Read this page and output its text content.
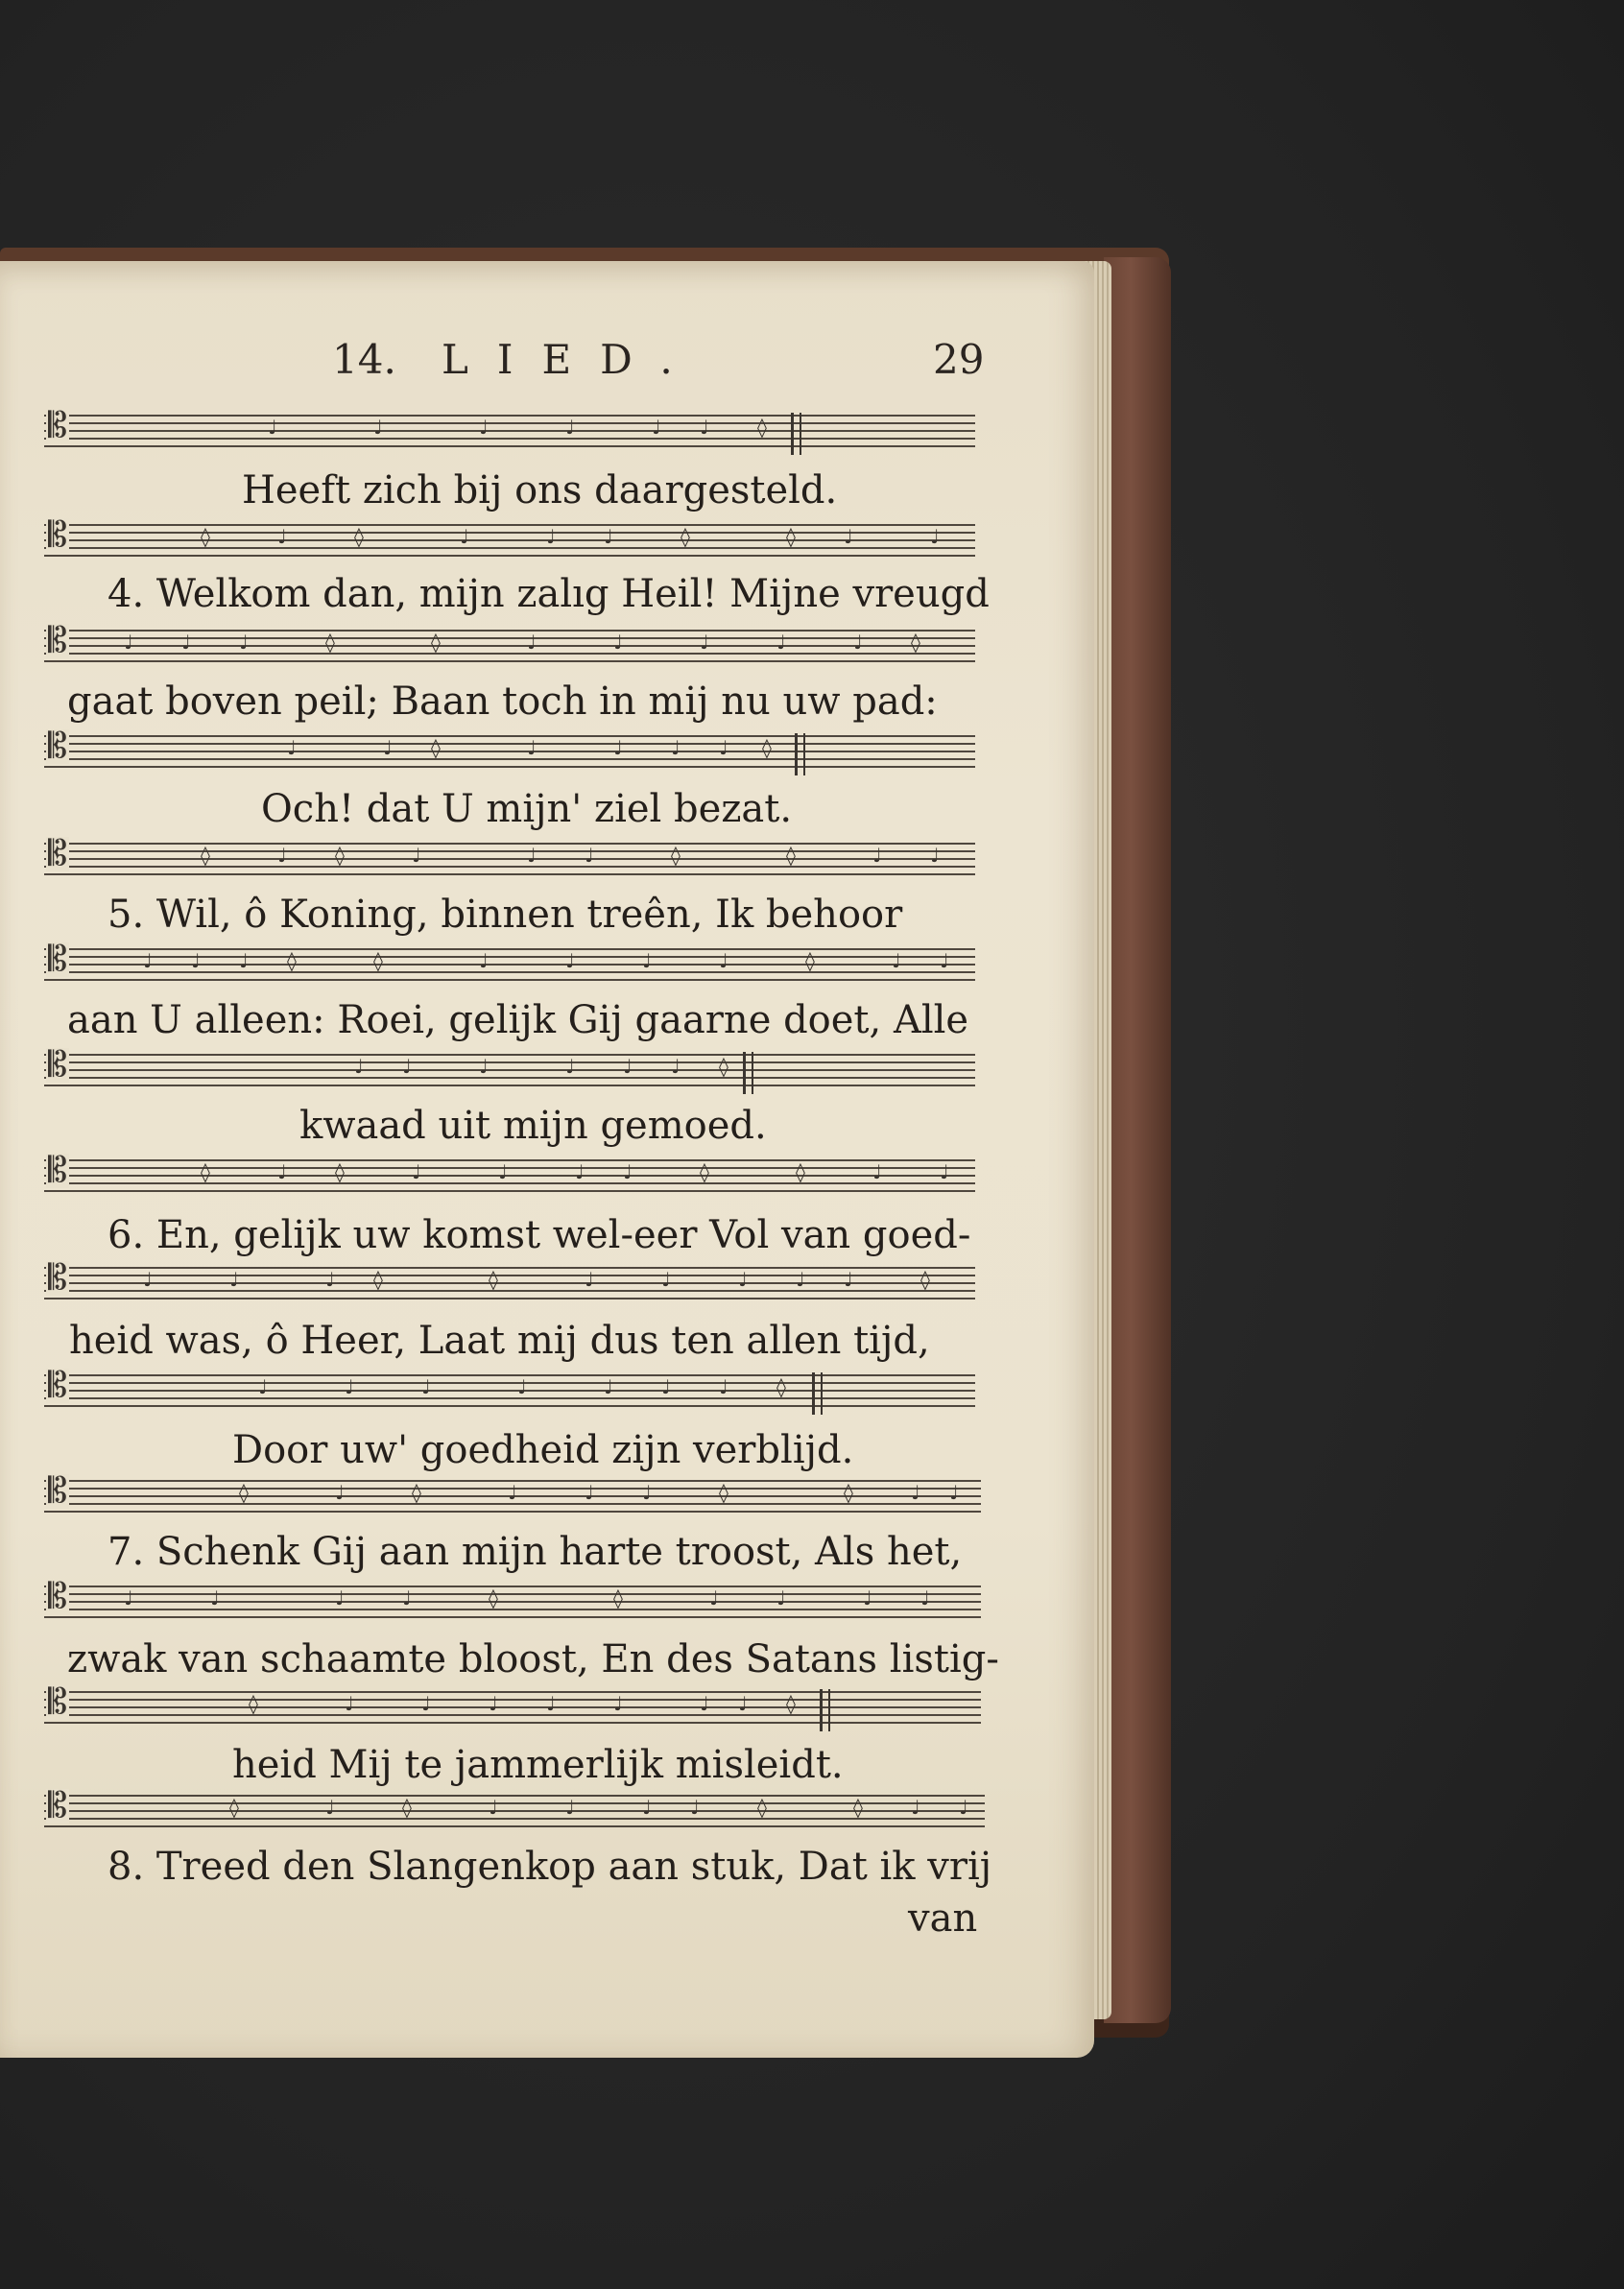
14. LIED.	29
𝄡	♩	♩	♩	♩	♩ ♩	◊
Heeft zich bij ons daargesteld.
𝄡	◊	♩	◊	♩	♩	♩	◊	◊	♩	♩
4. Welkom dan, mijn zalıg Heil! Mijne vreugd
𝄡	♩	♩	♩	◊	◊	♩	♩	♩	♩	♩	◊
gaat boven peil; Baan toch in mij nu uw pad:
𝄡	♩	♩ ◊	♩	♩	♩ ♩ ◊
Och! dat U mijn' ziel bezat.
𝄡	◊	♩	◊	♩	♩	♩	◊	◊	♩	♩
5. Wil, ô Koning, binnen treên, Ik behoor
𝄡	♩ ♩ ♩ ◊	◊	♩	♩	♩	♩	◊	♩ ♩
aan U alleen: Roei, gelijk Gij gaarne doet, Alle
𝄡	♩ ♩	♩	♩	♩ ♩ ◊
kwaad uit mijn gemoed.
𝄡	◊	♩	◊	♩	♩	♩ ♩	◊	◊	♩	♩
6. En, gelijk uw komst wel-eer Vol van goed-
𝄡	♩	♩	♩ ◊	◊	♩	♩	♩	♩ ♩	◊
heid was, ô Heer, Laat mij dus ten allen tijd,
𝄡	♩	♩	♩	♩	♩	♩	♩	◊
Door uw' goedheid zijn verblijd.
𝄡	◊	♩	◊	♩	♩	♩	◊	◊	♩ ♩
7. Schenk Gij aan mijn harte troost, Als het,
𝄡	♩	♩	♩	♩	◊	◊	♩	♩	♩	♩
zwak van schaamte bloost, En des Satans listig-
𝄡	◊	♩	♩	♩	♩	♩	♩ ♩ ◊
heid Mij te jammerlijk misleidt.
𝄡	◊	♩	◊	♩	♩	♩ ♩	◊	◊	♩ ♩
8. Treed den Slangenkop aan stuk, Dat ik vrij
van
